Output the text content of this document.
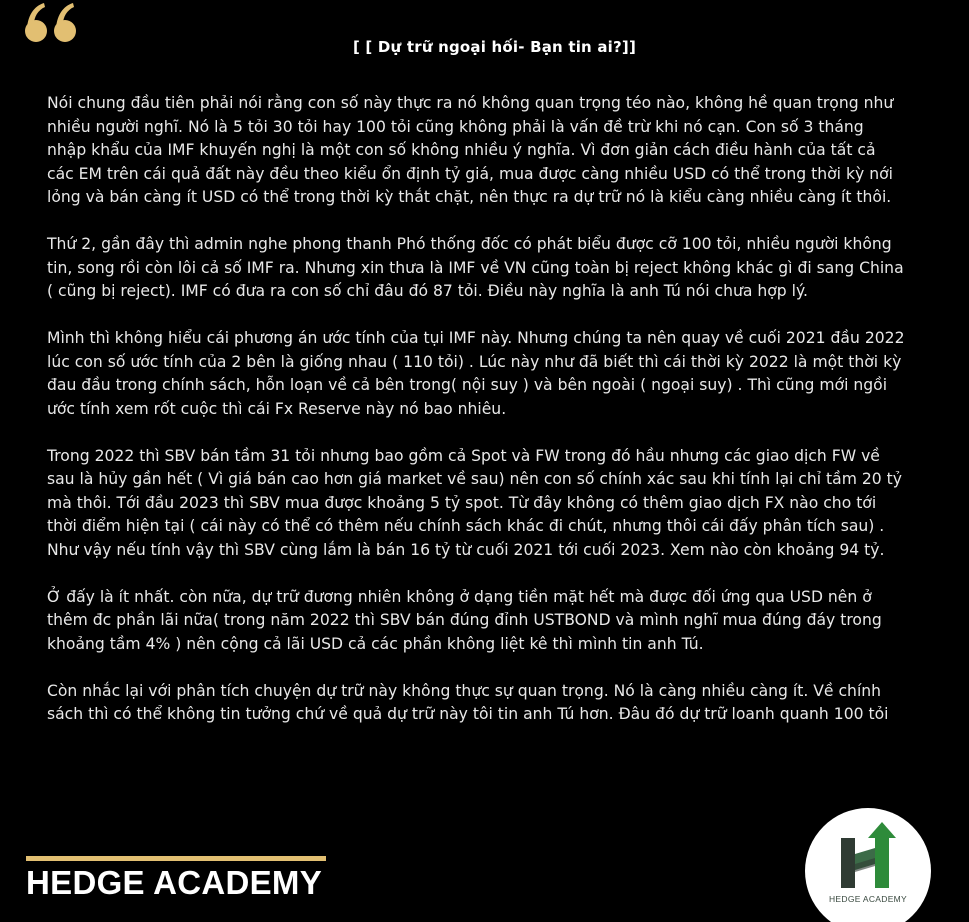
[ [ Dự trữ ngoại hối- Bạn tin ai?]]

Nói chung đầu tiên phải nói rằng con số này thực ra nó không quan trọng téo nào, không hề quan trọng như nhiều người nghĩ. Nó là 5 tỏi 30 tỏi hay 100 tỏi cũng không phải là vấn đề trừ khi nó cạn. Con số 3 tháng nhập khẩu của IMF khuyến nghị là một con số không nhiều ý nghĩa. Vì đơn giản cách điều hành của tất cả các EM trên cái quả đất này đều theo kiểu ổn định tỷ giá, mua được càng nhiều USD có thể trong thời kỳ nới lỏng và bán càng ít USD có thể trong thời kỳ thắt chặt, nên thực ra dự trữ nó là kiểu càng nhiều càng ít thôi.

Thứ 2, gần đây thì admin nghe phong thanh Phó thống đốc có phát biểu được cỡ 100 tỏi, nhiều người không tin, song rồi còn lôi cả số IMF ra. Nhưng xin thưa là IMF về VN cũng toàn bị reject không khác gì đi sang China ( cũng bị reject). IMF có đưa ra con số chỉ đâu đó 87 tỏi. Điều này nghĩa là anh Tú nói chưa hợp lý.

Mình thì không hiểu cái phương án ước tính của tụi IMF này. Nhưng chúng ta nên quay về cuối 2021 đầu 2022 lúc con số ước tính của 2 bên là giống nhau ( 110 tỏi) . Lúc này như đã biết thì cái thời kỳ 2022 là một thời kỳ đau đầu trong chính sách, hỗn loạn về cả bên trong( nội suy ) và bên ngoài ( ngoại suy) . Thì cũng mới ngồi ước tính xem rốt cuộc thì cái Fx Reserve này nó bao nhiêu.

Trong 2022 thì SBV bán tầm 31 tỏi nhưng bao gồm cả Spot và FW trong đó hầu nhưng các giao dịch FW về sau là hủy gần hết ( Vì giá bán cao hơn giá market về sau) nên con số chính xác sau khi tính lại chỉ tầm 20 tỷ mà thôi. Tới đầu 2023 thì SBV mua được khoảng 5 tỷ spot. Từ đây không có thêm giao dịch FX nào cho tới thời điểm hiện tại ( cái này có thể có thêm nếu chính sách khác đi chút, nhưng thôi cái đấy phân tích sau) . Như vậy nếu tính vậy thì SBV cùng lắm là bán 16 tỷ từ cuối 2021 tới cuối 2023. Xem nào còn khoảng 94 tỷ.

Ở đấy là ít nhất. còn nữa, dự trữ đương nhiên không ở dạng tiền mặt hết mà được đối ứng qua USD nên ở thêm đc phần lãi nữa( trong năm 2022 thì SBV bán đúng đỉnh USTBOND và mình nghĩ mua đúng đáy trong khoảng tầm 4% ) nên cộng cả lãi USD cả các phần không liệt kê thì mình tin anh Tú.

Còn nhắc lại với phân tích chuyện dự trữ này không thực sự quan trọng. Nó là càng nhiều càng ít. Về chính sách thì có thể không tin tưởng chứ về quả dự trữ này tôi tin anh Tú hơn. Đâu đó dự trữ loanh quanh 100 tỏi

HEDGE ACADEMY	HEDGE ACADEMY
